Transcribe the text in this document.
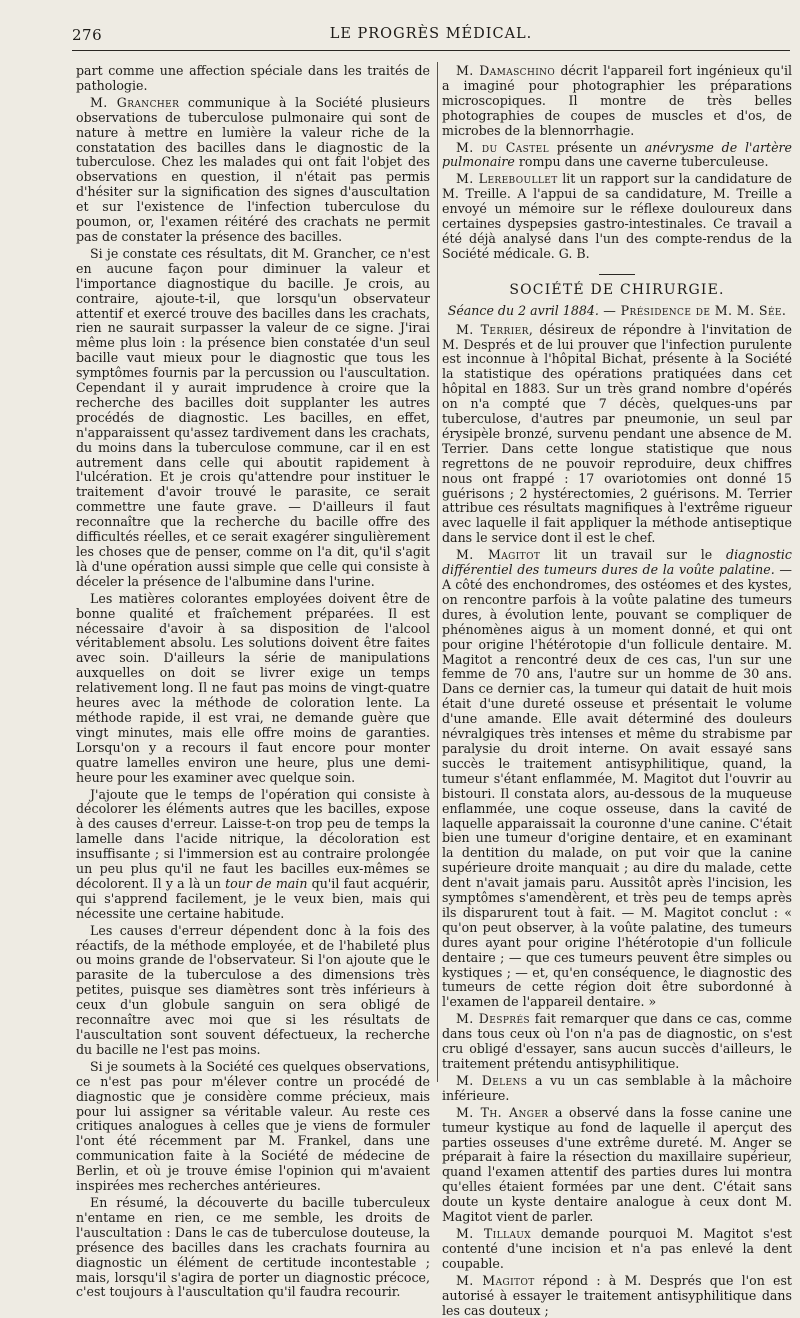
276	LE PROGRÈS MÉDICAL.

part comme une affection spéciale dans les traités de pathologie.

M. Grancher communique à la Société plusieurs observations de tuberculose pulmonaire qui sont de nature à mettre en lumière la valeur riche de la constatation des bacilles dans le diagnostic de la tuberculose. Chez les malades qui ont fait l'objet des observations en question, il n'était pas permis d'hésiter sur la signification des signes d'auscultation et sur l'existence de l'infection tuberculose du poumon, or, l'examen réitéré des crachats ne permit pas de constater la présence des bacilles.

Si je constate ces résultats, dit M. Grancher, ce n'est en aucune façon pour diminuer la valeur et l'importance diagnostique du bacille. Je crois, au contraire, ajoute-t-il, que lorsqu'un observateur attentif et exercé trouve des bacilles dans les crachats, rien ne saurait surpasser la valeur de ce signe. J'irai même plus loin : la présence bien constatée d'un seul bacille vaut mieux pour le diagnostic que tous les symptômes fournis par la percussion ou l'auscultation. Cependant il y aurait imprudence à croire que la recherche des bacilles doit supplanter les autres procédés de diagnostic. Les bacilles, en effet, n'apparaissent qu'assez tardivement dans les crachats, du moins dans la tuberculose commune, car il en est autrement dans celle qui aboutit rapidement à l'ulcération. Et je crois qu'attendre pour instituer le traitement d'avoir trouvé le parasite, ce serait commettre une faute grave. — D'ailleurs il faut reconnaître que la recherche du bacille offre des difficultés réelles, et ce serait exagérer singulièrement les choses que de penser, comme on l'a dit, qu'il s'agit là d'une opération aussi simple que celle qui consiste à déceler la présence de l'albumine dans l'urine.

Les matières colorantes employées doivent être de bonne qualité et fraîchement préparées. Il est nécessaire d'avoir à sa disposition de l'alcool véritablement absolu. Les solutions doivent être faites avec soin. D'ailleurs la série de manipulations auxquelles on doit se livrer exige un temps relativement long. Il ne faut pas moins de vingt-quatre heures avec la méthode de coloration lente. La méthode rapide, il est vrai, ne demande guère que vingt minutes, mais elle offre moins de garanties. Lorsqu'on y a recours il faut encore pour monter quatre lamelles environ une heure, plus une demi-heure pour les examiner avec quelque soin.

J'ajoute que le temps de l'opération qui consiste à décolorer les éléments autres que les bacilles, expose à des causes d'erreur. Laisse-t-on trop peu de temps la lamelle dans l'acide nitrique, la décoloration est insuffisante ; si l'immersion est au contraire prolongée un peu plus qu'il ne faut les bacilles eux-mêmes se décolorent. Il y a là un tour de main qu'il faut acquérir, qui s'apprend facilement, je le veux bien, mais qui nécessite une certaine habitude.

Les causes d'erreur dépendent donc à la fois des réactifs, de la méthode employée, et de l'habileté plus ou moins grande de l'observateur. Si l'on ajoute que le parasite de la tuberculose a des dimensions très petites, puisque ses diamètres sont très inférieurs à ceux d'un globule sanguin on sera obligé de reconnaître avec moi que si les résultats de l'auscultation sont souvent défectueux, la recherche du bacille ne l'est pas moins.

Si je soumets à la Société ces quelques observations, ce n'est pas pour m'élever contre un procédé de diagnostic que je considère comme précieux, mais pour lui assigner sa véritable valeur. Au reste ces critiques analogues à celles que je viens de formuler l'ont été récemment par M. Frankel, dans une communication faite à la Société de médecine de Berlin, et où je trouve émise l'opinion qui m'avaient inspirées mes recherches antérieures.

En résumé, la découverte du bacille tuberculeux n'entame en rien, ce me semble, les droits de l'auscultation : Dans le cas de tuberculose douteuse, la présence des bacilles dans les crachats fournira au diagnostic un élément de certitude incontestable ; mais, lorsqu'il s'agira de porter un diagnostic précoce, c'est toujours à l'auscultation qu'il faudra recourir.

M. Damaschino décrit l'appareil fort ingénieux qu'il a imaginé pour photographier les préparations microscopiques. Il montre de très belles photographies de coupes de muscles et d'os, de microbes de la blennorrhagie.

M. du Castel présente un anévrysme de l'artère pulmonaire rompu dans une caverne tuberculeuse.

M. Lereboullet lit un rapport sur la candidature de M. Treille. A l'appui de sa candidature, M. Treille a envoyé un mémoire sur le réflexe douloureux dans certaines dyspepsies gastro-intestinales. Ce travail a été déjà analysé dans l'un des compte-rendus de la Société médicale. G. B.

SOCIÉTÉ DE CHIRURGIE.
Séance du 2 avril 1884. — Présidence de M. M. Sée.

M. Terrier, désireux de répondre à l'invitation de M. Després et de lui prouver que l'infection purulente est inconnue à l'hôpital Bichat, présente à la Société la statistique des opérations pratiquées dans cet hôpital en 1883. Sur un très grand nombre d'opérés on n'a compté que 7 décès, quelques-uns par tuberculose, d'autres par pneumonie, un seul par érysipèle bronzé, survenu pendant une absence de M. Terrier. Dans cette longue statistique que nous regrettons de ne pouvoir reproduire, deux chiffres nous ont frappé : 17 ovariotomies ont donné 15 guérisons ; 2 hystérectomies, 2 guérisons. M. Terrier attribue ces résultats magnifiques à l'extrême rigueur avec laquelle il fait appliquer la méthode antiseptique dans le service dont il est le chef.

M. Magitot lit un travail sur le diagnostic différentiel des tumeurs dures de la voûte palatine. — A côté des enchondromes, des ostéomes et des kystes, on rencontre parfois à la voûte palatine des tumeurs dures, à évolution lente, pouvant se compliquer de phénomènes aigus à un moment donné, et qui ont pour origine l'hétérotopie d'un follicule dentaire. M. Magitot a rencontré deux de ces cas, l'un sur une femme de 70 ans, l'autre sur un homme de 30 ans. Dans ce dernier cas, la tumeur qui datait de huit mois était d'une dureté osseuse et présentait le volume d'une amande. Elle avait déterminé des douleurs névralgiques très intenses et même du strabisme par paralysie du droit interne. On avait essayé sans succès le traitement antisyphilitique, quand, la tumeur s'étant enflammée, M. Magitot dut l'ouvrir au bistouri. Il constata alors, au-dessous de la muqueuse enflammée, une coque osseuse, dans la cavité de laquelle apparaissait la couronne d'une canine. C'était bien une tumeur d'origine dentaire, et en examinant la dentition du malade, on put voir que la canine supérieure droite manquait ; au dire du malade, cette dent n'avait jamais paru. Aussitôt après l'incision, les symptômes s'amendèrent, et très peu de temps après ils disparurent tout à fait. — M. Magitot conclut : « qu'on peut observer, à la voûte palatine, des tumeurs dures ayant pour origine l'hétérotopie d'un follicule dentaire ; — que ces tumeurs peuvent être simples ou kystiques ; — et, qu'en conséquence, le diagnostic des tumeurs de cette région doit être subordonné à l'examen de l'appareil dentaire. »

M. Després fait remarquer que dans ce cas, comme dans tous ceux où l'on n'a pas de diagnostic, on s'est cru obligé d'essayer, sans aucun succès d'ailleurs, le traitement prétendu antisyphilitique.

M. Delens a vu un cas semblable à la mâchoire inférieure.

M. Th. Anger a observé dans la fosse canine une tumeur kystique au fond de laquelle il aperçut des parties osseuses d'une extrême dureté. M. Anger se préparait à faire la résection du maxillaire supérieur, quand l'examen attentif des parties dures lui montra qu'elles étaient formées par une dent. C'était sans doute un kyste dentaire analogue à ceux dont M. Magitot vient de parler.

M. Tillaux demande pourquoi M. Magitot s'est contenté d'une incision et n'a pas enlevé la dent coupable.

M. Magitot répond : à M. Després que l'on est autorisé à essayer le traitement antisyphilitique dans les cas douteux ;
